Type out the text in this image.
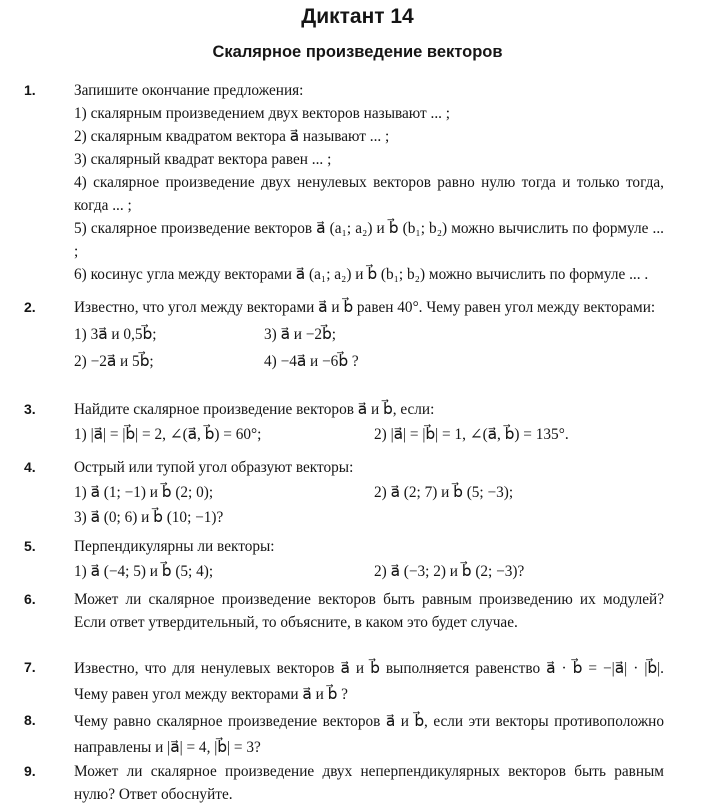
Диктант 14
Скалярное произведение векторов
1.	Запишите окончание предложения:
1) скалярным произведением двух векторов называют ... ;
2) скалярным квадратом вектора a⃗ называют ... ;
3) скалярный квадрат вектора равен ... ;
4) скалярное произведение двух ненулевых векторов равно нулю тогда и только тогда, когда ... ;
5) скалярное произведение векторов a⃗ (a₁; a₂) и b⃗ (b₁; b₂) можно вычислить по формуле ... ;
6) косинус угла между векторами a⃗ (a₁; a₂) и b⃗ (b₁; b₂) можно вычислить по формуле ... .
2.	Известно, что угол между векторами a⃗ и b⃗ равен 40°. Чему равен угол между векторами:
1) 3a⃗ и 0,5b⃗;	3) a⃗ и −2b⃗;
2) −2a⃗ и 5b⃗;	4) −4a⃗ и −6b⃗ ?
3.	Найдите скалярное произведение векторов a⃗ и b⃗, если:
1) |a⃗| = |b⃗| = 2, ∠(a⃗, b⃗) = 60°;	2) |a⃗| = |b⃗| = 1, ∠(a⃗, b⃗) = 135°.
4.	Острый или тупой угол образуют векторы:
1) a⃗ (1; −1) и b⃗ (2; 0);	2) a⃗ (2; 7) и b⃗ (5; −3);
3) a⃗ (0; 6) и b⃗ (10; −1)?
5.	Перпендикулярны ли векторы:
1) a⃗ (−4; 5) и b⃗ (5; 4);	2) a⃗ (−3; 2) и b⃗ (2; −3)?
6.	Может ли скалярное произведение векторов быть равным произведению их модулей? Если ответ утвердительный, то объясните, в каком это будет случае.
7.	Известно, что для ненулевых векторов a⃗ и b⃗ выполняется равенство a⃗ · b⃗ = −|a⃗| · |b⃗|. Чему равен угол между векторами a⃗ и b⃗ ?
8.	Чему равно скалярное произведение векторов a⃗ и b⃗, если эти векторы противоположно направлены и |a⃗| = 4, |b⃗| = 3?
9.	Может ли скалярное произведение двух неперпендикулярных векторов быть равным нулю? Ответ обоснуйте.
